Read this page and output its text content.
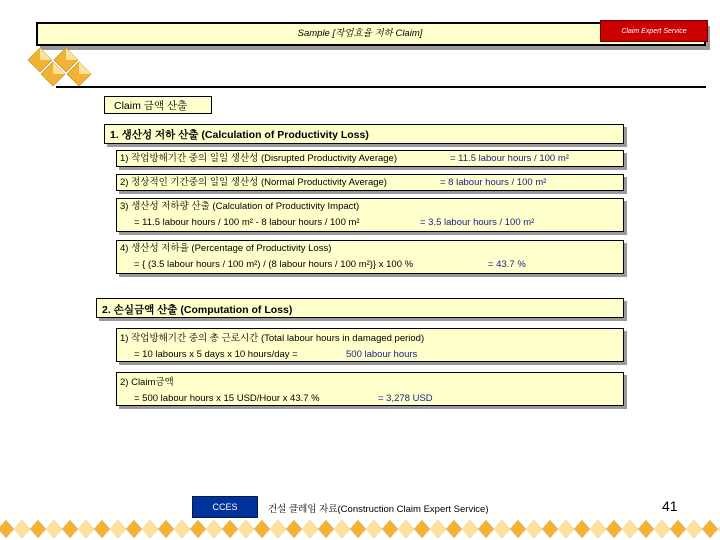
Sample [작업효율 저하 Claim]	Claim Expert Service
Claim 금액 산출
1. 생산성 저하 산출 (Calculation of Productivity Loss)
1) 작업방해기간 중의 일일 생산성 (Disrupted Productivity Average)	= 11.5 labour hours / 100 m²
2) 정상적인 기간중의 일일 생산성 (Normal Productivity Average)	= 8 labour hours / 100 m²
3) 생산성 저하량 산출 (Calculation of Productivity Impact)
= 11.5 labour hours / 100 m² - 8 labour hours / 100 m²	= 3.5 labour hours / 100 m²
4) 생산성 저하율 (Percentage of Productivity Loss)
= { (3.5 labour hours / 100 m²) / (8 labour hours / 100 m²)} x 100 %	= 43.7 %
2. 손실금액 산출 (Computation of Loss)
1) 작업방해기간 중의 총 근로시간 (Total labour hours in damaged period)
= 10 labours x 5 days x 10 hours/day =	500 labour hours
2) Claim금액
= 500 labour hours x 15 USD/Hour x 43.7 %	= 3,278 USD
CCES	건설 클레임 자료(Construction Claim Expert Service)	41
